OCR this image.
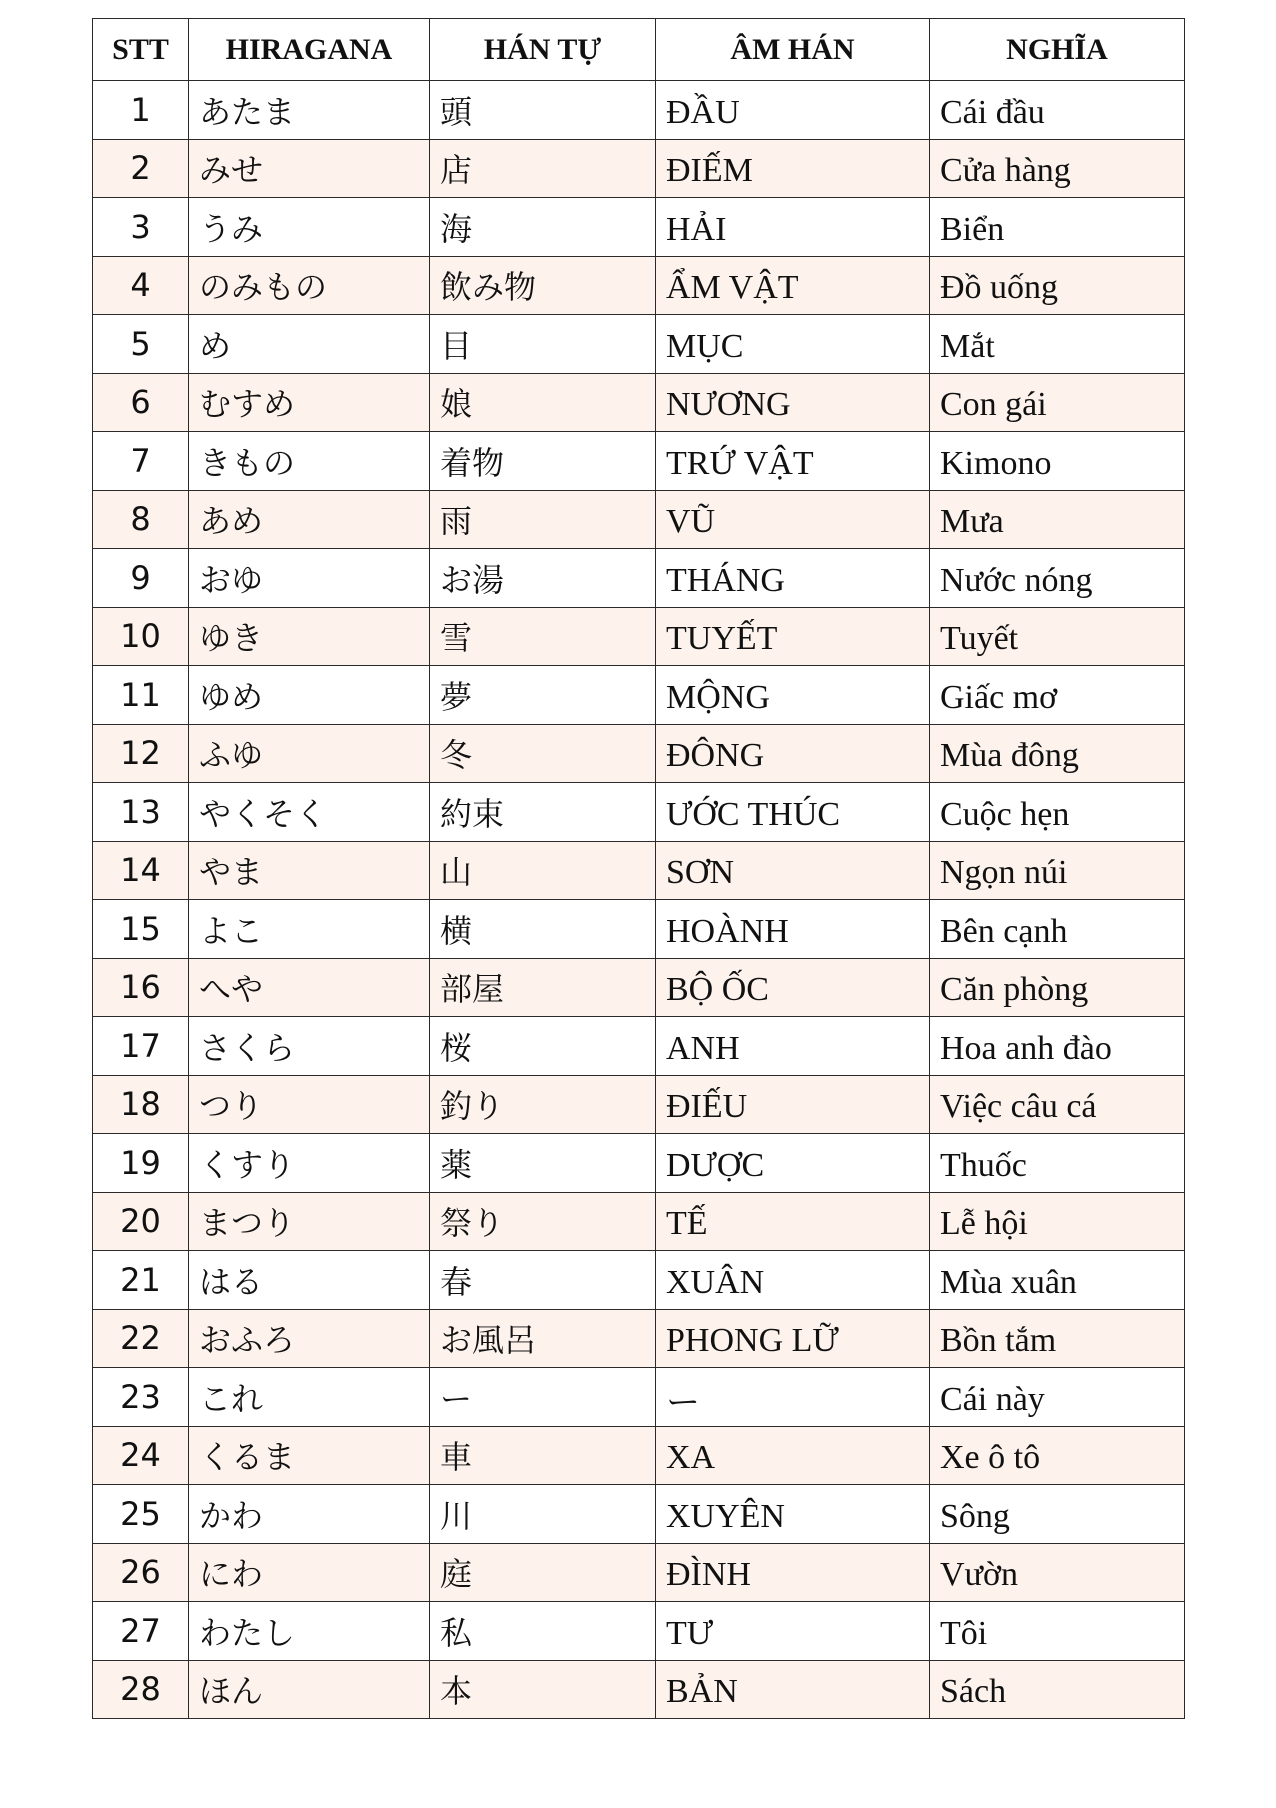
STT	HIRAGANA	HÁN TỰ	ÂM HÁN	NGHĨA
1	あたま	頭	ĐẦU	Cái đầu
2	みせ	店	ĐIẾM	Cửa hàng
3	うみ	海	HẢI	Biển
4	のみもの	飲み物	ẨM VẬT	Đồ uống
5	め	目	MỤC	Mắt
6	むすめ	娘	NƯƠNG	Con gái
7	きもの	着物	TRỨ VẬT	Kimono
8	あめ	雨	VŨ	Mưa
9	おゆ	お湯	THÁNG	Nước nóng
10	ゆき	雪	TUYẾT	Tuyết
11	ゆめ	夢	MỘNG	Giấc mơ
12	ふゆ	冬	ĐÔNG	Mùa đông
13	やくそく	約束	ƯỚC THÚC	Cuộc hẹn
14	やま	山	SƠN	Ngọn núi
15	よこ	横	HOÀNH	Bên cạnh
16	へや	部屋	BỘ ỐC	Căn phòng
17	さくら	桜	ANH	Hoa anh đào
18	つり	釣り	ĐIẾU	Việc câu cá
19	くすり	薬	DƯỢC	Thuốc
20	まつり	祭り	TẾ	Lễ hội
21	はる	春	XUÂN	Mùa xuân
22	おふろ	お風呂	PHONG LỮ	Bồn tắm
23	これ	ー	ー	Cái này
24	くるま	車	XA	Xe ô tô
25	かわ	川	XUYÊN	Sông
26	にわ	庭	ĐÌNH	Vườn
27	わたし	私	TƯ	Tôi
28	ほん	本	BẢN	Sách
